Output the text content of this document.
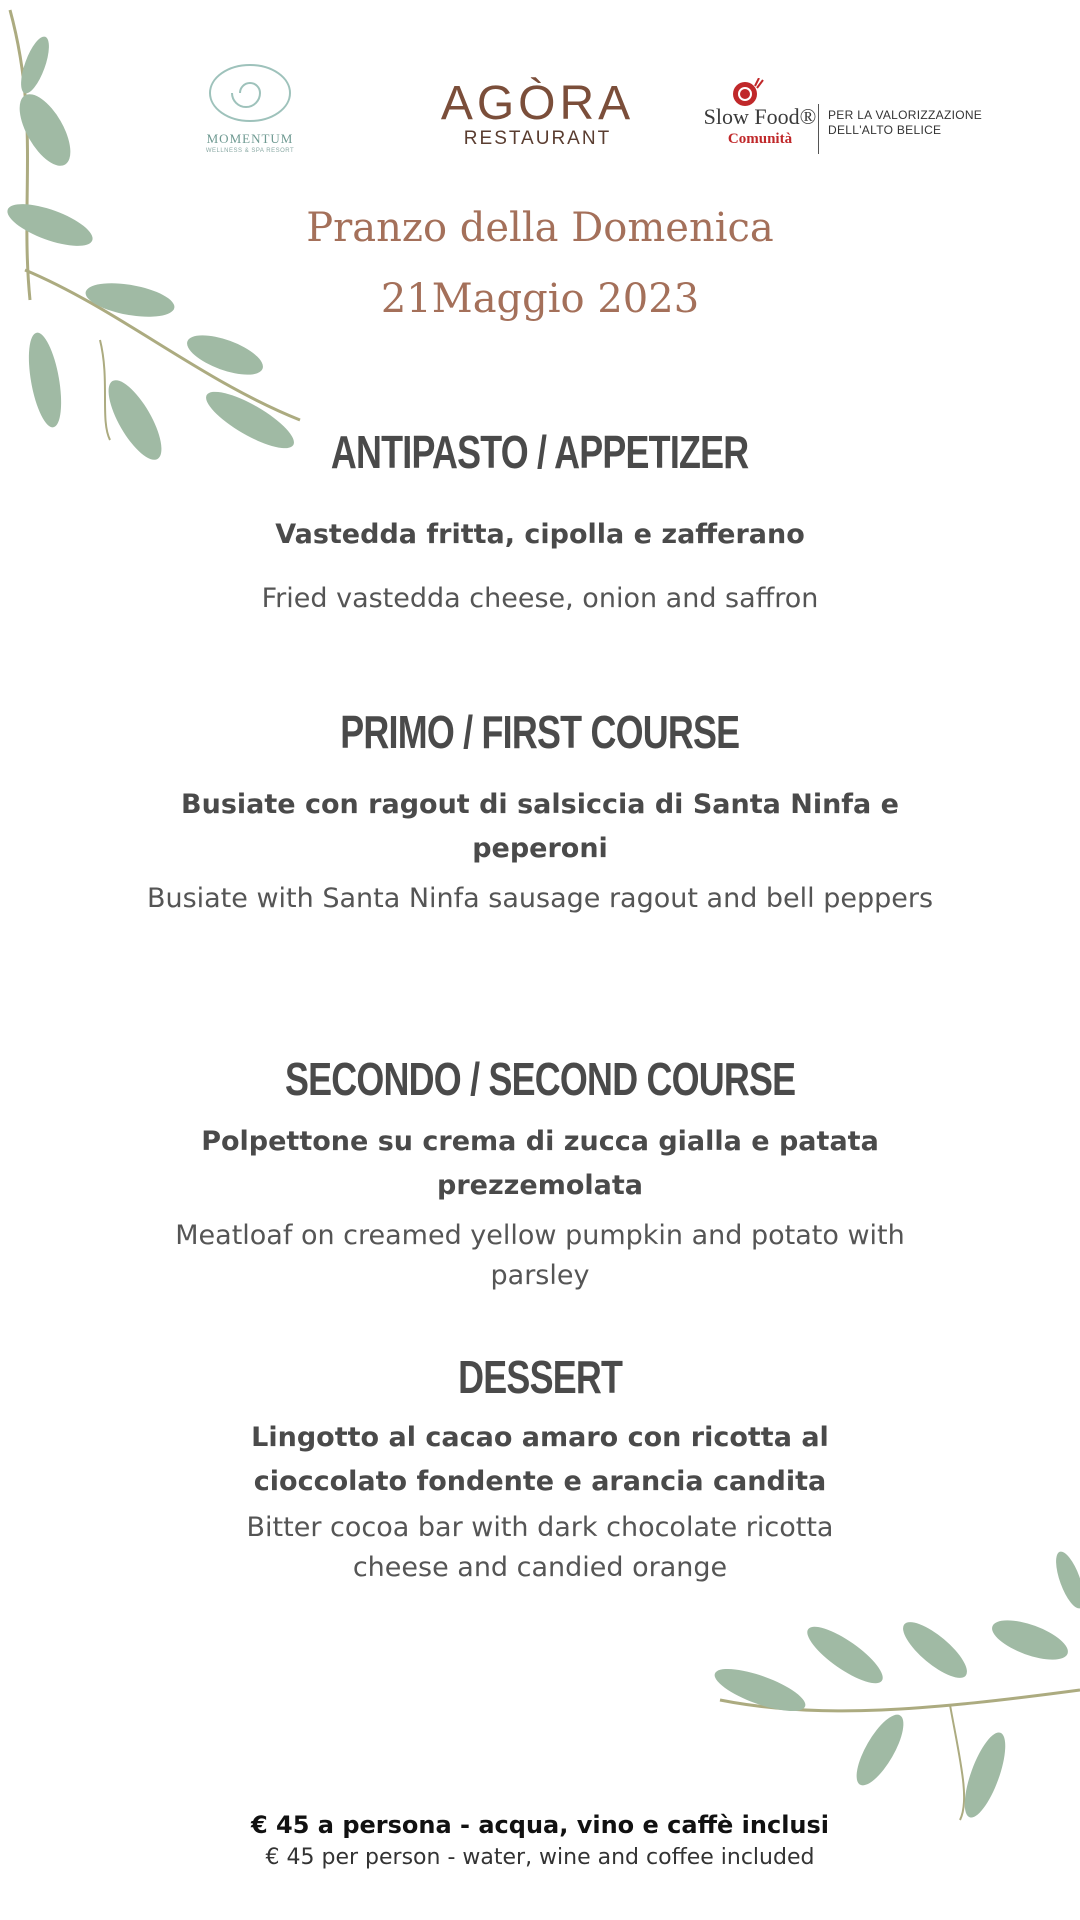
MOMENTUM
WELLNESS & SPA RESORT
AGÒRA
RESTAURANT
Slow Food®
Comunità
PER LA VALORIZZAZIONE
DELL'ALTO BELICE
Pranzo della Domenica
21Maggio 2023
ANTIPASTO / APPETIZER
Vastedda fritta, cipolla e zafferano
Fried vastedda cheese, onion and saffron
PRIMO / FIRST COURSE
Busiate con ragout di salsiccia di Santa Ninfa e peperoni
Busiate with Santa Ninfa sausage ragout and bell peppers
SECONDO / SECOND COURSE
Polpettone su crema di zucca gialla e patata prezzemolata
Meatloaf on creamed yellow pumpkin and potato with parsley
DESSERT
Lingotto al cacao amaro con ricotta al cioccolato fondente e arancia candita
Bitter cocoa bar with dark chocolate ricotta cheese and candied orange
€ 45 a persona - acqua, vino e caffè inclusi
€ 45 per person - water, wine and coffee included
